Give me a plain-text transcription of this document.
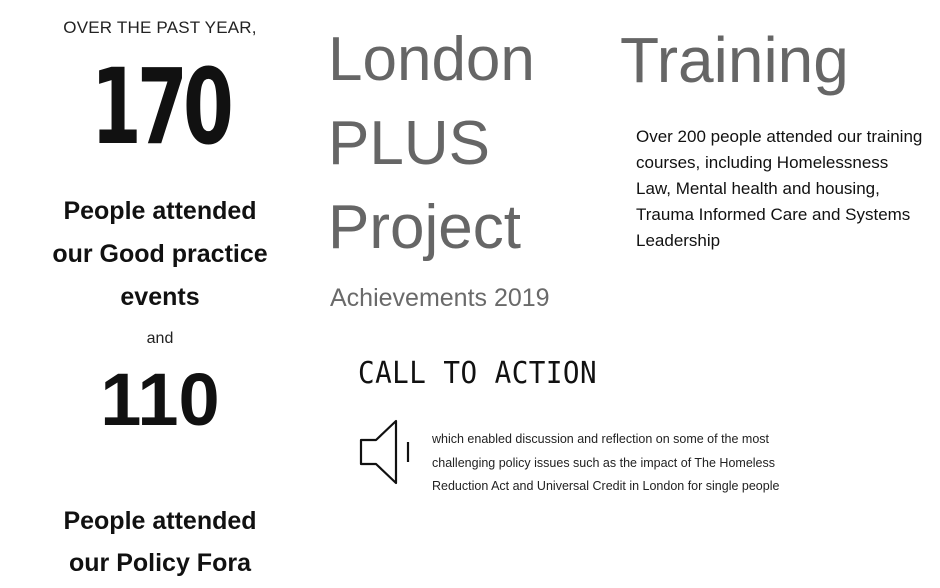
OVER THE PAST YEAR,
170
People attended our Good practice events
and
110
People attended our Policy Fora
London PLUS Project
Achievements 2019
Training
Over 200 people attended our training courses, including Homelessness Law, Mental health and housing, Trauma Informed Care and Systems Leadership
CALL TO ACTION
which enabled discussion and reflection on some of the most challenging policy issues such as the impact of The Homeless Reduction Act and Universal Credit in London for single people
